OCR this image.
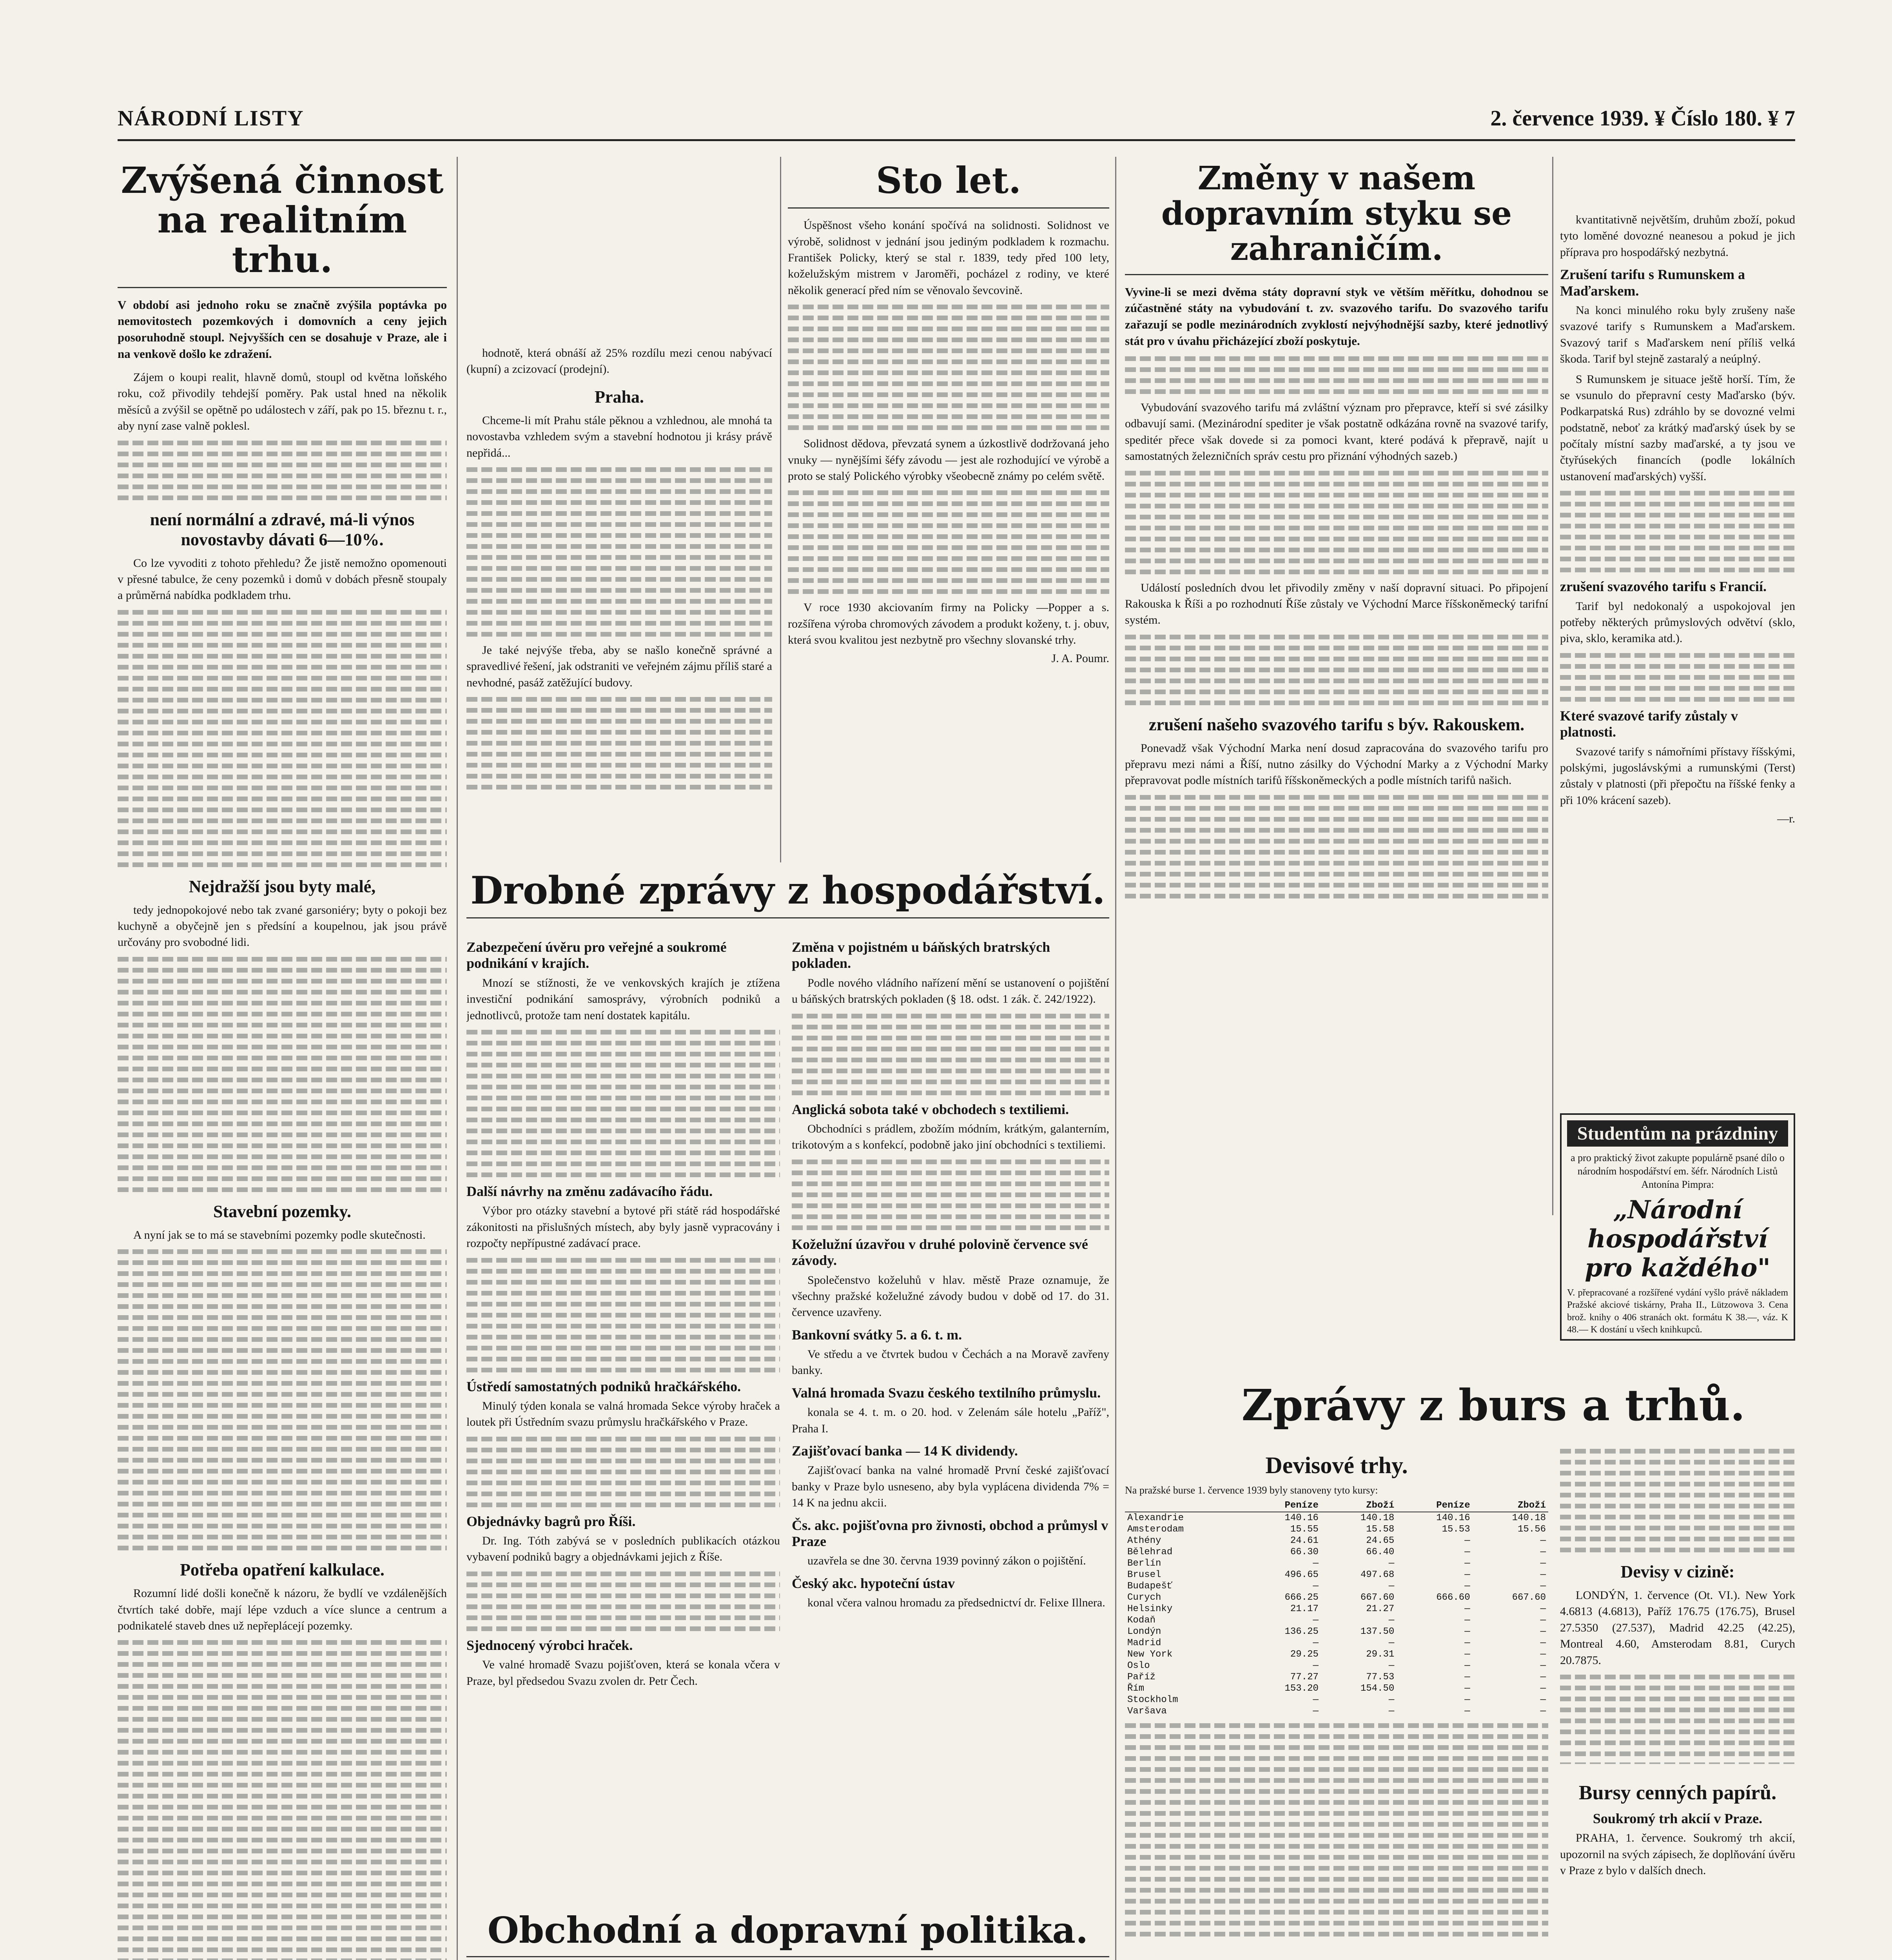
NÁRODNÍ LISTY	2. července 1939. ¥ Číslo 180. ¥ 7
Zvýšená činnost na realitním trhu.

V období asi jednoho roku se značně zvýšila poptávka po nemovitostech pozemkových i domovních a ceny jejich posoruhodně stoupl. Nejvyšších cen se dosahuje v Praze, ale i na venkově došlo ke zdražení.

Zájem o koupi realit, hlavně domů, stoupl od května loňského roku, což přivodily tehdejší poměry. Pak ustal hned na několik měsíců a zvýšil se opětně po událostech v září, pak po 15. březnu t. r., aby nyní zase valně poklesl.

není normální a zdravé, má-li výnos novostavby dávati 6—10%.

Co lze vyvoditi z tohoto přehledu? Že jistě nemožno opomenouti v přesné tabulce, že ceny pozemků i domů v dobách přesně stoupaly a průměrná nabídka podkladem trhu.

Nejdražší jsou byty malé,

tedy jednopokojové nebo tak zvané garsoniéry; byty o pokoji bez kuchyně a obyčejně jen s předsíní a koupelnou, jak jsou právě určovány pro svobodné lidi.

Stavební pozemky.

A nyní jak se to má se stavebními pozemky podle skutečnosti.

Potřeba opatření kalkulace.

Rozumní lidé došli konečně k názoru, že bydlí ve vzdálenějších čtvrtích také dobře, mají lépe vzduch a více slunce a centrum a podnikatelé staveb dnes už nepřeplácejí pozemky.

Sto let.

Úspěšnost všeho konání spočívá na solidnosti. Solidnost ve výrobě, solidnost v jednání jsou jediným podkladem k rozmachu. František Policky, který se stal r. 1839, tedy před 100 lety, koželužským mistrem v Jaroměři, pocházel z rodiny, ve které několik generací před ním se věnovalo ševcovině.

Solidnost dědova, převzatá synem a úzkostlivě dodržovaná jeho vnuky — nynějšími šéfy závodu — jest ale rozhodující ve výrobě a proto se stalý Polického výrobky všeobecně známy po celém světě.

V roce 1930 akciovaním firmy na Policky —Popper a s. rozšířena výroba chromových závodem a produkt koženy, t. j. obuv, která svou kvalitou jest nezbytně pro všechny slovanské trhy.

J. A. Poumr.

hodnotě, která obnáší až 25% rozdílu mezi cenou nabývací (kupní) a zcizovací (prodejní).

Praha.

Chceme-li mít Prahu stále pěknou a vzhlednou, ale mnohá ta novostavba vzhledem svým a stavební hodnotou ji krásy právě nepřidá...

Je také nejvýše třeba, aby se našlo konečně správné a spravedlivé řešení, jak odstraniti ve veřejném zájmu příliš staré a nevhodné, pasáž zatěžující budovy.

Drobné zprávy z hospodářství.
Zabezpečení úvěru pro veřejné a soukromé podnikání v krajích.

Mnozí se stížnosti, že ve venkovských krajích je ztížena investiční podnikání samosprávy, výrobních podniků a jednotlivců, protože tam není dostatek kapitálu.

Další návrhy na změnu zadávacího řádu.

Výbor pro otázky stavební a bytové při státě rád hospodářské zákonitosti na přislušných místech, aby byly jasně vypracovány i rozpočty nepřípustné zadávací prace.

Ústředí samostatných podniků hračkářského.

Minulý týden konala se valná hromada Sekce výroby hraček a loutek při Ústředním svazu průmyslu hračkářského v Praze.

Objednávky bagrů pro Říši.

Dr. Ing. Tóth zabývá se v posledních publikacích otázkou vybavení podniků bagry a objednávkami jejich z Říše.

Sjednocený výrobci hraček.

Ve valné hromadě Svazu pojišťoven, která se konala včera v Praze, byl předsedou Svazu zvolen dr. Petr Čech.

Změna v pojistném u báňských bratrských pokladen.

Podle nového vládního nařízení mění se ustanovení o pojištění u báňských bratrských pokladen (§ 18. odst. 1 zák. č. 242/1922).

Anglická sobota také v obchodech s textiliemi.

Obchodníci s prádlem, zbožím módním, krátkým, galanterním, trikotovým a s konfekcí, podobně jako jiní obchodníci s textiliemi.

Koželužní úzavřou v druhé polovině července své závody.

Společenstvo koželuhů v hlav. městě Praze oznamuje, že všechny pražské koželužné závody budou v době od 17. do 31. července uzavřeny.

Bankovní svátky 5. a 6. t. m.

Ve středu a ve čtvrtek budou v Čechách a na Moravě zavřeny banky.

Valná hromada Svazu českého textilního průmyslu.

konala se 4. t. m. o 20. hod. v Zelenám sále hotelu „Paříž", Praha I.

Zajišťovací banka — 14 K dividendy.

Zajišťovací banka na valné hromadě První české zajišťovací banky v Praze bylo usneseno, aby byla vyplácena dividenda 7% = 14 K na jednu akcii.

Čs. akc. pojišťovna pro živnosti, obchod a průmysl v Praze

uzavřela se dne 30. června 1939 povinný zákon o pojištění.

Český akc. hypoteční ústav

konal včera valnou hromadu za předsednictví dr. Felixe Illnera.

Obchodní a dopravní politika.

Změny v našem dopravním styku se zahraničím.

Vyvine-li se mezi dvěma státy dopravní styk ve větším měřítku, dohodnou se zúčastněné státy na vybudování t. zv. svazového tarifu. Do svazového tarifu zařazují se podle mezinárodních zvyklostí nejvýhodnější sazby, které jednotlivý stát pro v úvahu přicházející zboží poskytuje.

Vybudování svazového tarifu má zvláštní význam pro přepravce, kteří si své zásilky odbavují sami. (Mezinárodní spediter je však postatně odkázána rovně na svazové tarify, speditér přece však dovede si za pomoci kvant, které podává k přepravě, najít u samostatných železničních správ cestu pro přiznání výhodných sazeb.)

Událostí posledních dvou let přivodily změny v naší dopravní situaci. Po připojení Rakouska k Říši a po rozhodnutí Říše zůstaly ve Východní Marce říšskoněmecký tarifní systém.

zrušení našeho svazového tarifu s býv. Rakouskem.

Ponevadž však Východní Marka není dosud zapracována do svazového tarifu pro přepravu mezi námi a Říší, nutno zásilky do Východní Marky a z Východní Marky přepravovat podle místních tarifů říšskoněmeckých a podle místních tarifů našich.

kvantitativně největším, druhům zboží, pokud tyto loměné dovozné neanesou a pokud je jich příprava pro hospodářský nezbytná.

Zrušení tarifu s Rumunskem a Maďarskem.

Na konci minulého roku byly zrušeny naše svazové tarify s Rumunskem a Maďarskem. Svazový tarif s Maďarskem není příliš velká škoda. Tarif byl stejně zastaralý a neúplný.

S Rumunskem je situace ještě horší. Tím, že se vsunulo do přepravní cesty Maďarsko (býv. Podkarpatská Rus) zdráhlo by se dovozné velmi podstatně, neboť za krátký maďarský úsek by se počítaly místní sazby maďarské, a ty jsou ve čtyřúsekých financích (podle lokálních ustanovení maďarských) vyšší.

zrušení svazového tarifu s Francií.

Tarif byl nedokonalý a uspokojoval jen potřeby některých průmyslových odvětví (sklo, piva, sklo, keramika atd.).

Které svazové tarify zůstaly v platnosti.

Svazové tarify s námořními přístavy říšskými, polskými, jugoslávskými a rumunskými (Terst) zůstaly v platnosti (při přepočtu na říšské fenky a při 10% krácení sazeb).

—r.
Studentům na prázdniny
a pro praktický život zakupte populárně psané dílo o národním hospodářství em. šéfr. Národních Listů Antonína Pimpra:
„Národní hospodářství pro každého"
V. přepracované a rozšířené vydání vyšlo právě nákladem Pražské akciové tiskárny, Praha II., Lützowova 3. Cena brož. knihy o 406 stranách okt. formátu K 38.—, váz. K 48.— K dostání u všech knihkupců.
Zprávy z burs a trhů.
Devisové trhy.
Na pražské burse 1. července 1939 byly stanoveny tyto kursy:
	Peníze	Zboží	Peníze	Zboží
Alexandrie	140.16	140.18	140.16	140.18
Amsterodam	15.55	15.58	15.53	15.56
Athény	24.61	24.65	—	—
Bělehrad	66.30	66.40	—	—
Berlín	—	—	—	—
Brusel	496.65	497.68	—	—
Budapešť	—	—	—	—
Curych	666.25	667.60	666.60	667.60
Helsinky	21.17	21.27	—	—
Kodaň	—	—	—	—
Londýn	136.25	137.50	—	—
Madrid	—	—	—	—
New York	29.25	29.31	—	—
Oslo	—	—	—	—
Paříž	77.27	77.53	—	—
Řím	153.20	154.50	—	—
Stockholm	—	—	—	—
Varšava	—	—	—	—
Devisy v cizině:

LONDÝN, 1. července (Ot. VI.). New York 4.6813 (4.6813), Paříž 176.75 (176.75), Brusel 27.5350 (27.537), Madrid 42.25 (42.25), Montreal 4.60, Amsterodam 8.81, Curych 20.7875.

Bursy cenných papírů.
Soukromý trh akcií v Praze.

PRAHA, 1. července. Soukromý trh akcií, upozornil na svých zápisech, že doplňování úvěru v Praze z bylo v dalších dnech.
